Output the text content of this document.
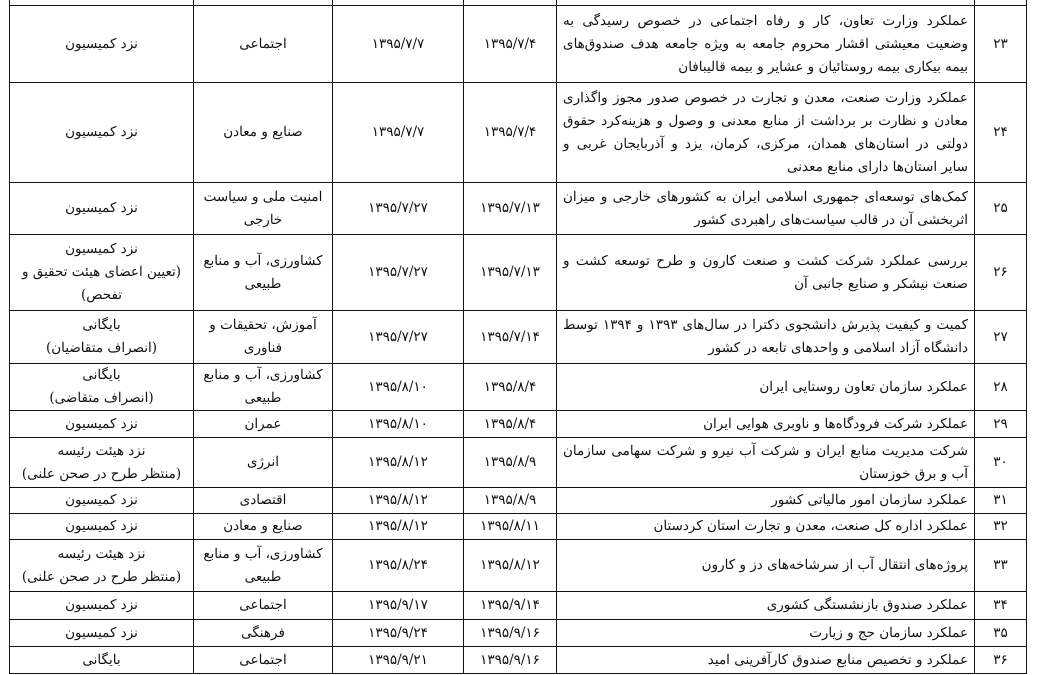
۲۳	عملکرد وزارت تعاون، کار و رفاه اجتماعی در خصوص رسیدگی به وضعیت معیشتی اقشار محروم جامعه به ویژه جامعه هدف صندوق‌های بیمه بیکاری بیمه روستائیان و عشایر و بیمه قالیبافان	۱۳۹۵/۷/۴	۱۳۹۵/۷/۷	اجتماعی	نزد کمیسیون

۲۴	عملکرد وزارت صنعت، معدن و تجارت در خصوص صدور مجوز واگذاری معادن و نظارت بر برداشت از منابع معدنی و وصول و هزینه‌کرد حقوق دولتی در استان‌های همدان، مرکزی، کرمان، یزد و آذربایجان غربی و سایر استان‌ها دارای منابع معدنی	۱۳۹۵/۷/۴	۱۳۹۵/۷/۷	صنایع و معادن	نزد کمیسیون

۲۵	کمک‌های توسعه‌ای جمهوری اسلامی ایران به کشورهای خارجی و میزان اثربخشی آن در قالب سیاست‌های راهبردی کشور	۱۳۹۵/۷/۱۳	۱۳۹۵/۷/۲۷	امنیت ملی و سیاست خارجی	نزد کمیسیون

۲۶	بررسی عملکرد شرکت کشت و صنعت کارون و طرح توسعه کشت و صنعت نیشکر و صنایع جانبی آن	۱۳۹۵/۷/۱۳	۱۳۹۵/۷/۲۷	کشاورزی، آب و منابع طبیعی	نزد کمیسیون
(تعیین اعضای هیئت تحقیق و تفحص)

۲۷	کمیت و کیفیت پذیرش دانشجوی دکترا در سال‌های ۱۳۹۳ و ۱۳۹۴ توسط دانشگاه آزاد اسلامی و واحدهای تابعه در کشور	۱۳۹۵/۷/۱۴	۱۳۹۵/۷/۲۷	آموزش، تحقیقات و فناوری	بایگانی
(انصراف متقاضیان)

۲۸	عملکرد سازمان تعاون روستایی ایران	۱۳۹۵/۸/۴	۱۳۹۵/۸/۱۰	کشاورزی، آب و منابع طبیعی	بایگانی
(انصراف متقاضی)

۲۹	عملکرد شرکت فرودگاه‌ها و ناوبری هوایی ایران	۱۳۹۵/۸/۴	۱۳۹۵/۸/۱۰	عمران	نزد کمیسیون

۳۰	شرکت مدیریت منابع ایران و شرکت آب نیرو و شرکت سهامی سازمان آب و برق خوزستان	۱۳۹۵/۸/۹	۱۳۹۵/۸/۱۲	انرژی	نزد هیئت رئیسه
(منتظر طرح در صحن علنی)

۳۱	عملکرد سازمان امور مالیاتی کشور	۱۳۹۵/۸/۹	۱۳۹۵/۸/۱۲	اقتصادی	نزد کمیسیون

۳۲	عملکرد اداره کل صنعت، معدن و تجارت استان کردستان	۱۳۹۵/۸/۱۱	۱۳۹۵/۸/۱۲	صنایع و معادن	نزد کمیسیون

۳۳	پروژه‌های انتقال آب از سرشاخه‌های دز و کارون	۱۳۹۵/۸/۱۲	۱۳۹۵/۸/۲۴	کشاورزی، آب و منابع طبیعی	نزد هیئت رئیسه
(منتظر طرح در صحن علنی)

۳۴	عملکرد صندوق بازنشستگی کشوری	۱۳۹۵/۹/۱۴	۱۳۹۵/۹/۱۷	اجتماعی	نزد کمیسیون

۳۵	عملکرد سازمان حج و زیارت	۱۳۹۵/۹/۱۶	۱۳۹۵/۹/۲۴	فرهنگی	نزد کمیسیون

۳۶	عملکرد و تخصیص منابع صندوق کارآفرینی امید	۱۳۹۵/۹/۱۶	۱۳۹۵/۹/۲۱	اجتماعی	بایگانی
